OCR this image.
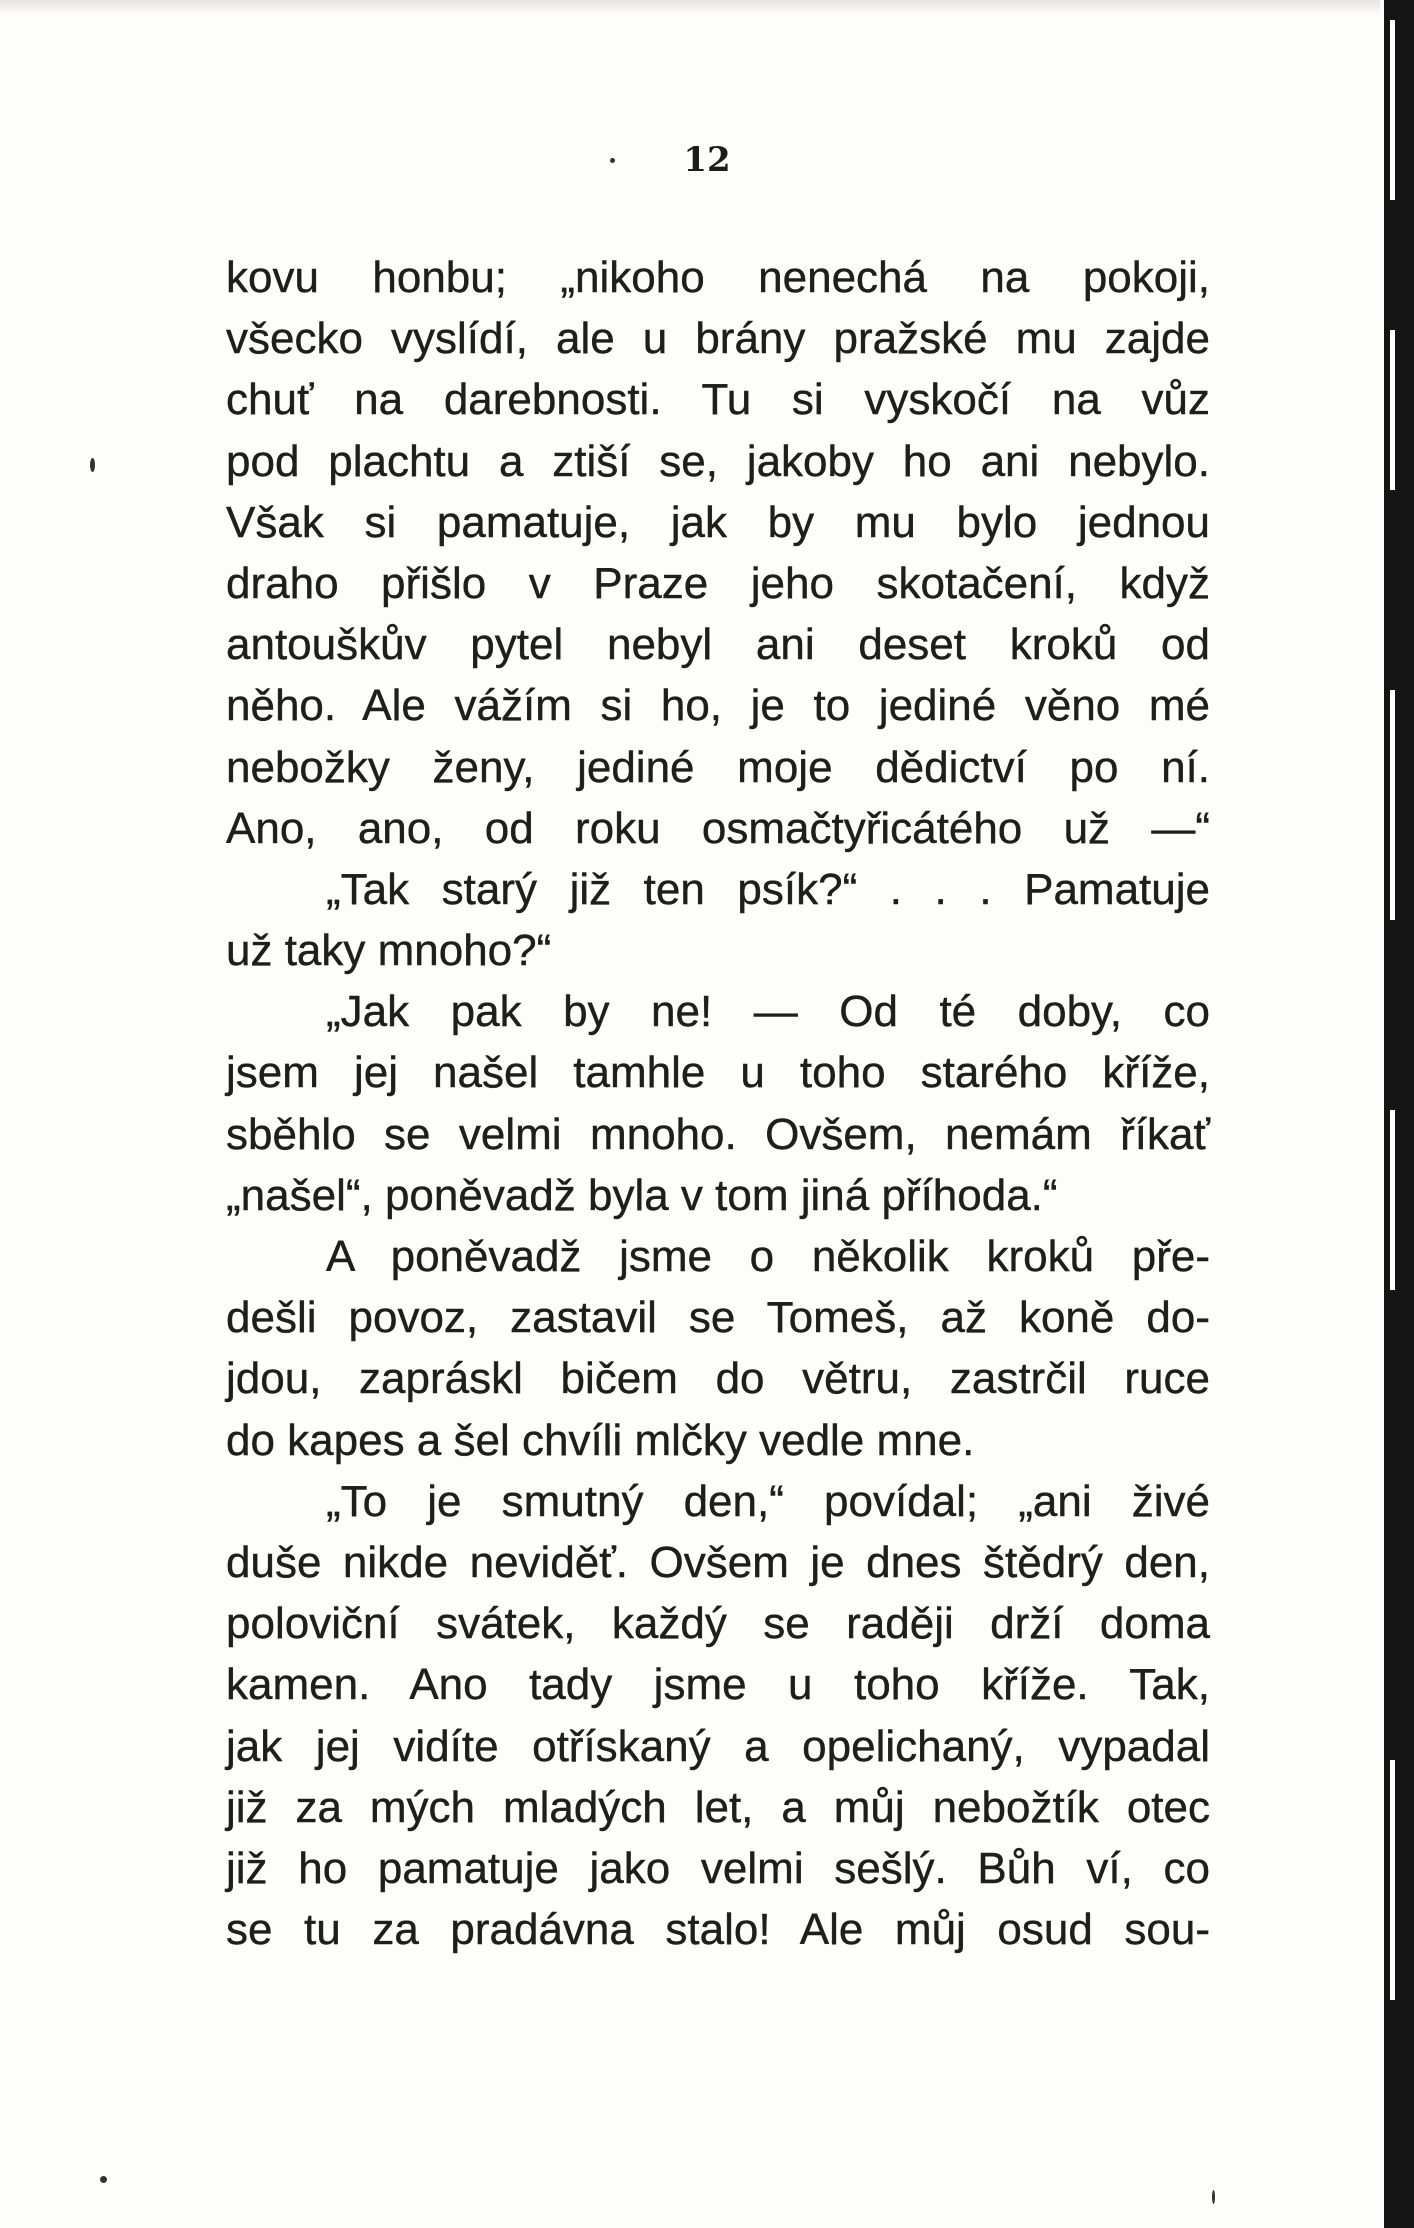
12
kovu honbu; „nikoho nenechá na pokoji,
všecko vyslídí, ale u brány pražské mu zajde
chuť na darebnosti. Tu si vyskočí na vůz
pod plachtu a ztiší se, jakoby ho ani nebylo.
Však si pamatuje, jak by mu bylo jednou
draho přišlo v Praze jeho skotačení, když
antouškův pytel nebyl ani deset kroků od
něho. Ale vážím si ho, je to jediné věno mé
nebožky ženy, jediné moje dědictví po ní.
Ano, ano, od roku osmačtyřicátého už —“
„Tak starý již ten psík?“ . . . Pamatuje
už taky mnoho?“
„Jak pak by ne! — Od té doby, co
jsem jej našel tamhle u toho starého kříže,
sběhlo se velmi mnoho. Ovšem, nemám říkať
„našel“, poněvadž byla v tom jiná příhoda.“
A poněvadž jsme o několik kroků pře-
dešli povoz, zastavil se Tomeš, až koně do-
jdou, zapráskl bičem do větru, zastrčil ruce
do kapes a šel chvíli mlčky vedle mne.
„To je smutný den,“ povídal; „ani živé
duše nikde neviděť. Ovšem je dnes štědrý den,
poloviční svátek, každý se raději drží doma
kamen. Ano tady jsme u toho kříže. Tak,
jak jej vidíte otřískaný a opelichaný, vypadal
již za mých mladých let, a můj nebožtík otec
již ho pamatuje jako velmi sešlý. Bůh ví, co
se tu za pradávna stalo! Ale můj osud sou-
